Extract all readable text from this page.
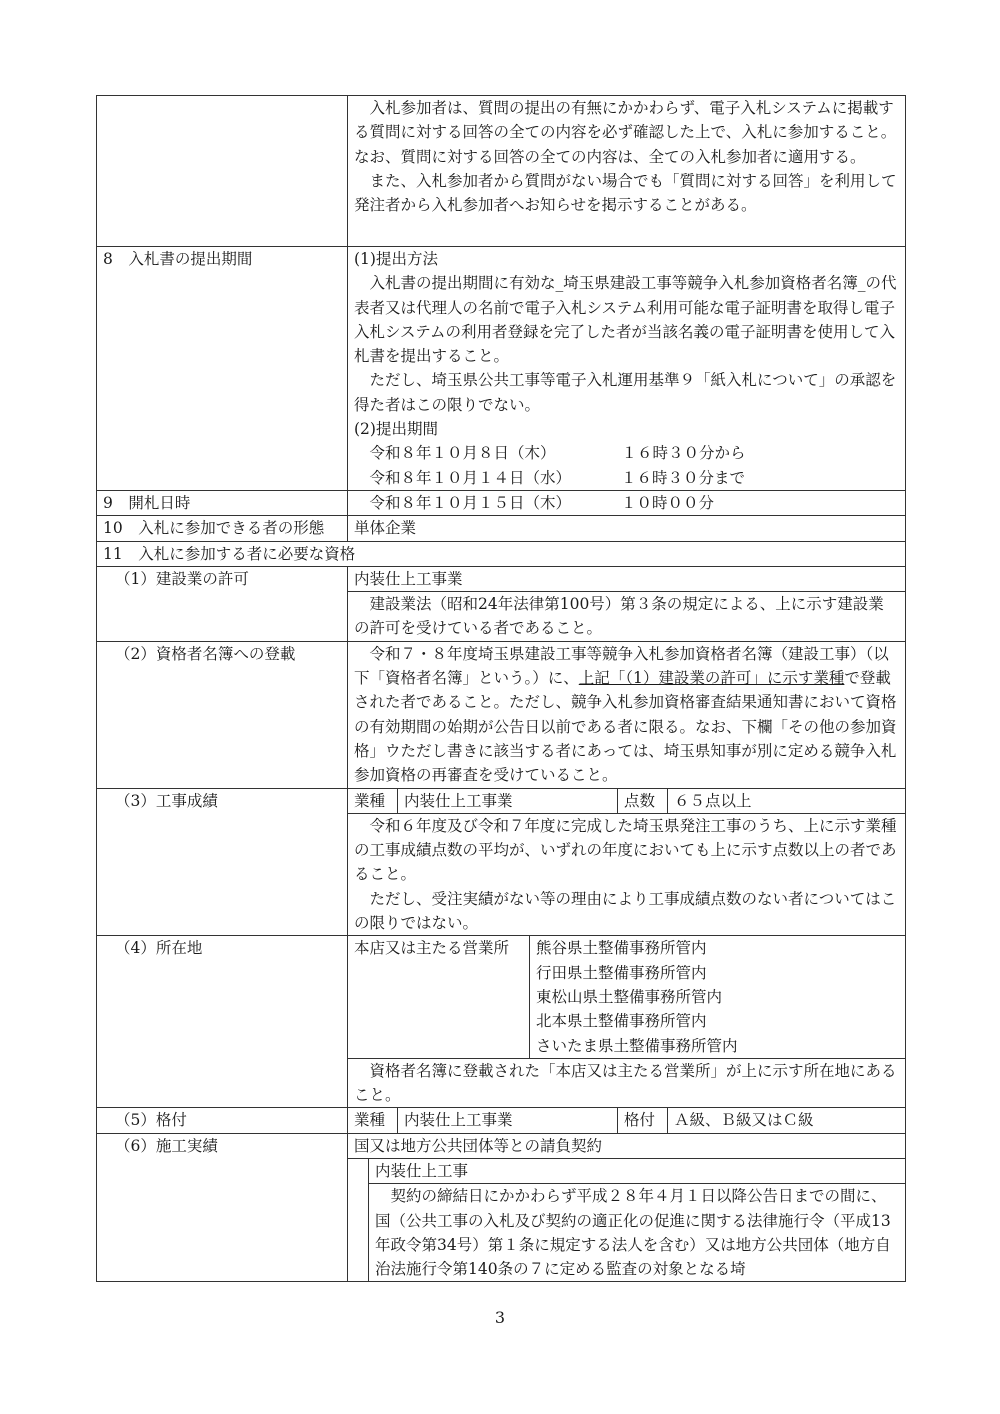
入札参加者は、質問の提出の有無にかかわらず、電子入札システムに掲載する質問に対する回答の全ての内容を必ず確認した上で、入札に参加すること。なお、質問に対する回答の全ての内容は、全ての入札参加者に適用する。

また、入札参加者から質問がない場合でも「質問に対する回答」を利用して発注者から入札参加者へお知らせを掲示することがある。

8　入札書の提出期間	(1)提出方法

入札書の提出期間に有効な_埼玉県建設工事等競争入札参加資格者名簿_の代表者又は代理人の名前で電子入札システム利用可能な電子証明書を取得し電子入札システムの利用者登録を完了した者が当該名義の電子証明書を使用して入札書を提出すること。

ただし、埼玉県公共工事等電子入札運用基準９「紙入札について」の承認を得た者はこの限りでない。

(2)提出期間

令和８年１０月８日（木）	１６時３０分から

令和８年１０月１４日（水）	１６時３０分まで

9　開札日時	令和８年１０月１５日（木）	１０時００分

10　入札に参加できる者の形態	単体企業
11　入札に参加する者に必要な資格
（1）建設業の許可	内装仕上工事業

建設業法（昭和24年法律第100号）第３条の規定による、上に示す建設業の許可を受けている者であること。

（2）資格者名簿への登載	令和７・８年度埼玉県建設工事等競争入札参加資格者名簿（建設工事）（以下「資格者名簿」という。）に、上記「（1）建設業の許可」に示す業種で登載された者であること。ただし、競争入札参加資格審査結果通知書において資格の有効期間の始期が公告日以前である者に限る。なお、下欄「その他の参加資格」ウただし書きに該当する者にあっては、埼玉県知事が別に定める競争入札参加資格の再審査を受けていること。

（3）工事成績		業種	内装仕上工事業	点数	６５点以上

令和６年度及び令和７年度に完成した埼玉県発注工事のうち、上に示す業種の工事成績点数の平均が、いずれの年度においても上に示す点数以上の者であること。

ただし、受注実績がない等の理由により工事成績点数のない者についてはこの限りではない。

（4）所在地		本店又は主たる営業所	熊谷県土整備事務所管内
行田県土整備事務所管内
東松山県土整備事務所管内
北本県土整備事務所管内
さいたま県土整備事務所管内

資格者名簿に登載された「本店又は主たる営業所」が上に示す所在地にあること。

（5）格付		業種	内装仕上工事業	格付	Ａ級、Ｂ級又はＣ級

（6）施工実績	国又は地方公共団体等との請負契約

内装仕上工事

契約の締結日にかかわらず平成２８年４月１日以降公告日までの間に、国（公共工事の入札及び契約の適正化の促進に関する法律施行令（平成13年政令第34号）第１条に規定する法人を含む）又は地方公共団体（地方自治法施行令第140条の７に定める監査の対象となる埼

3
